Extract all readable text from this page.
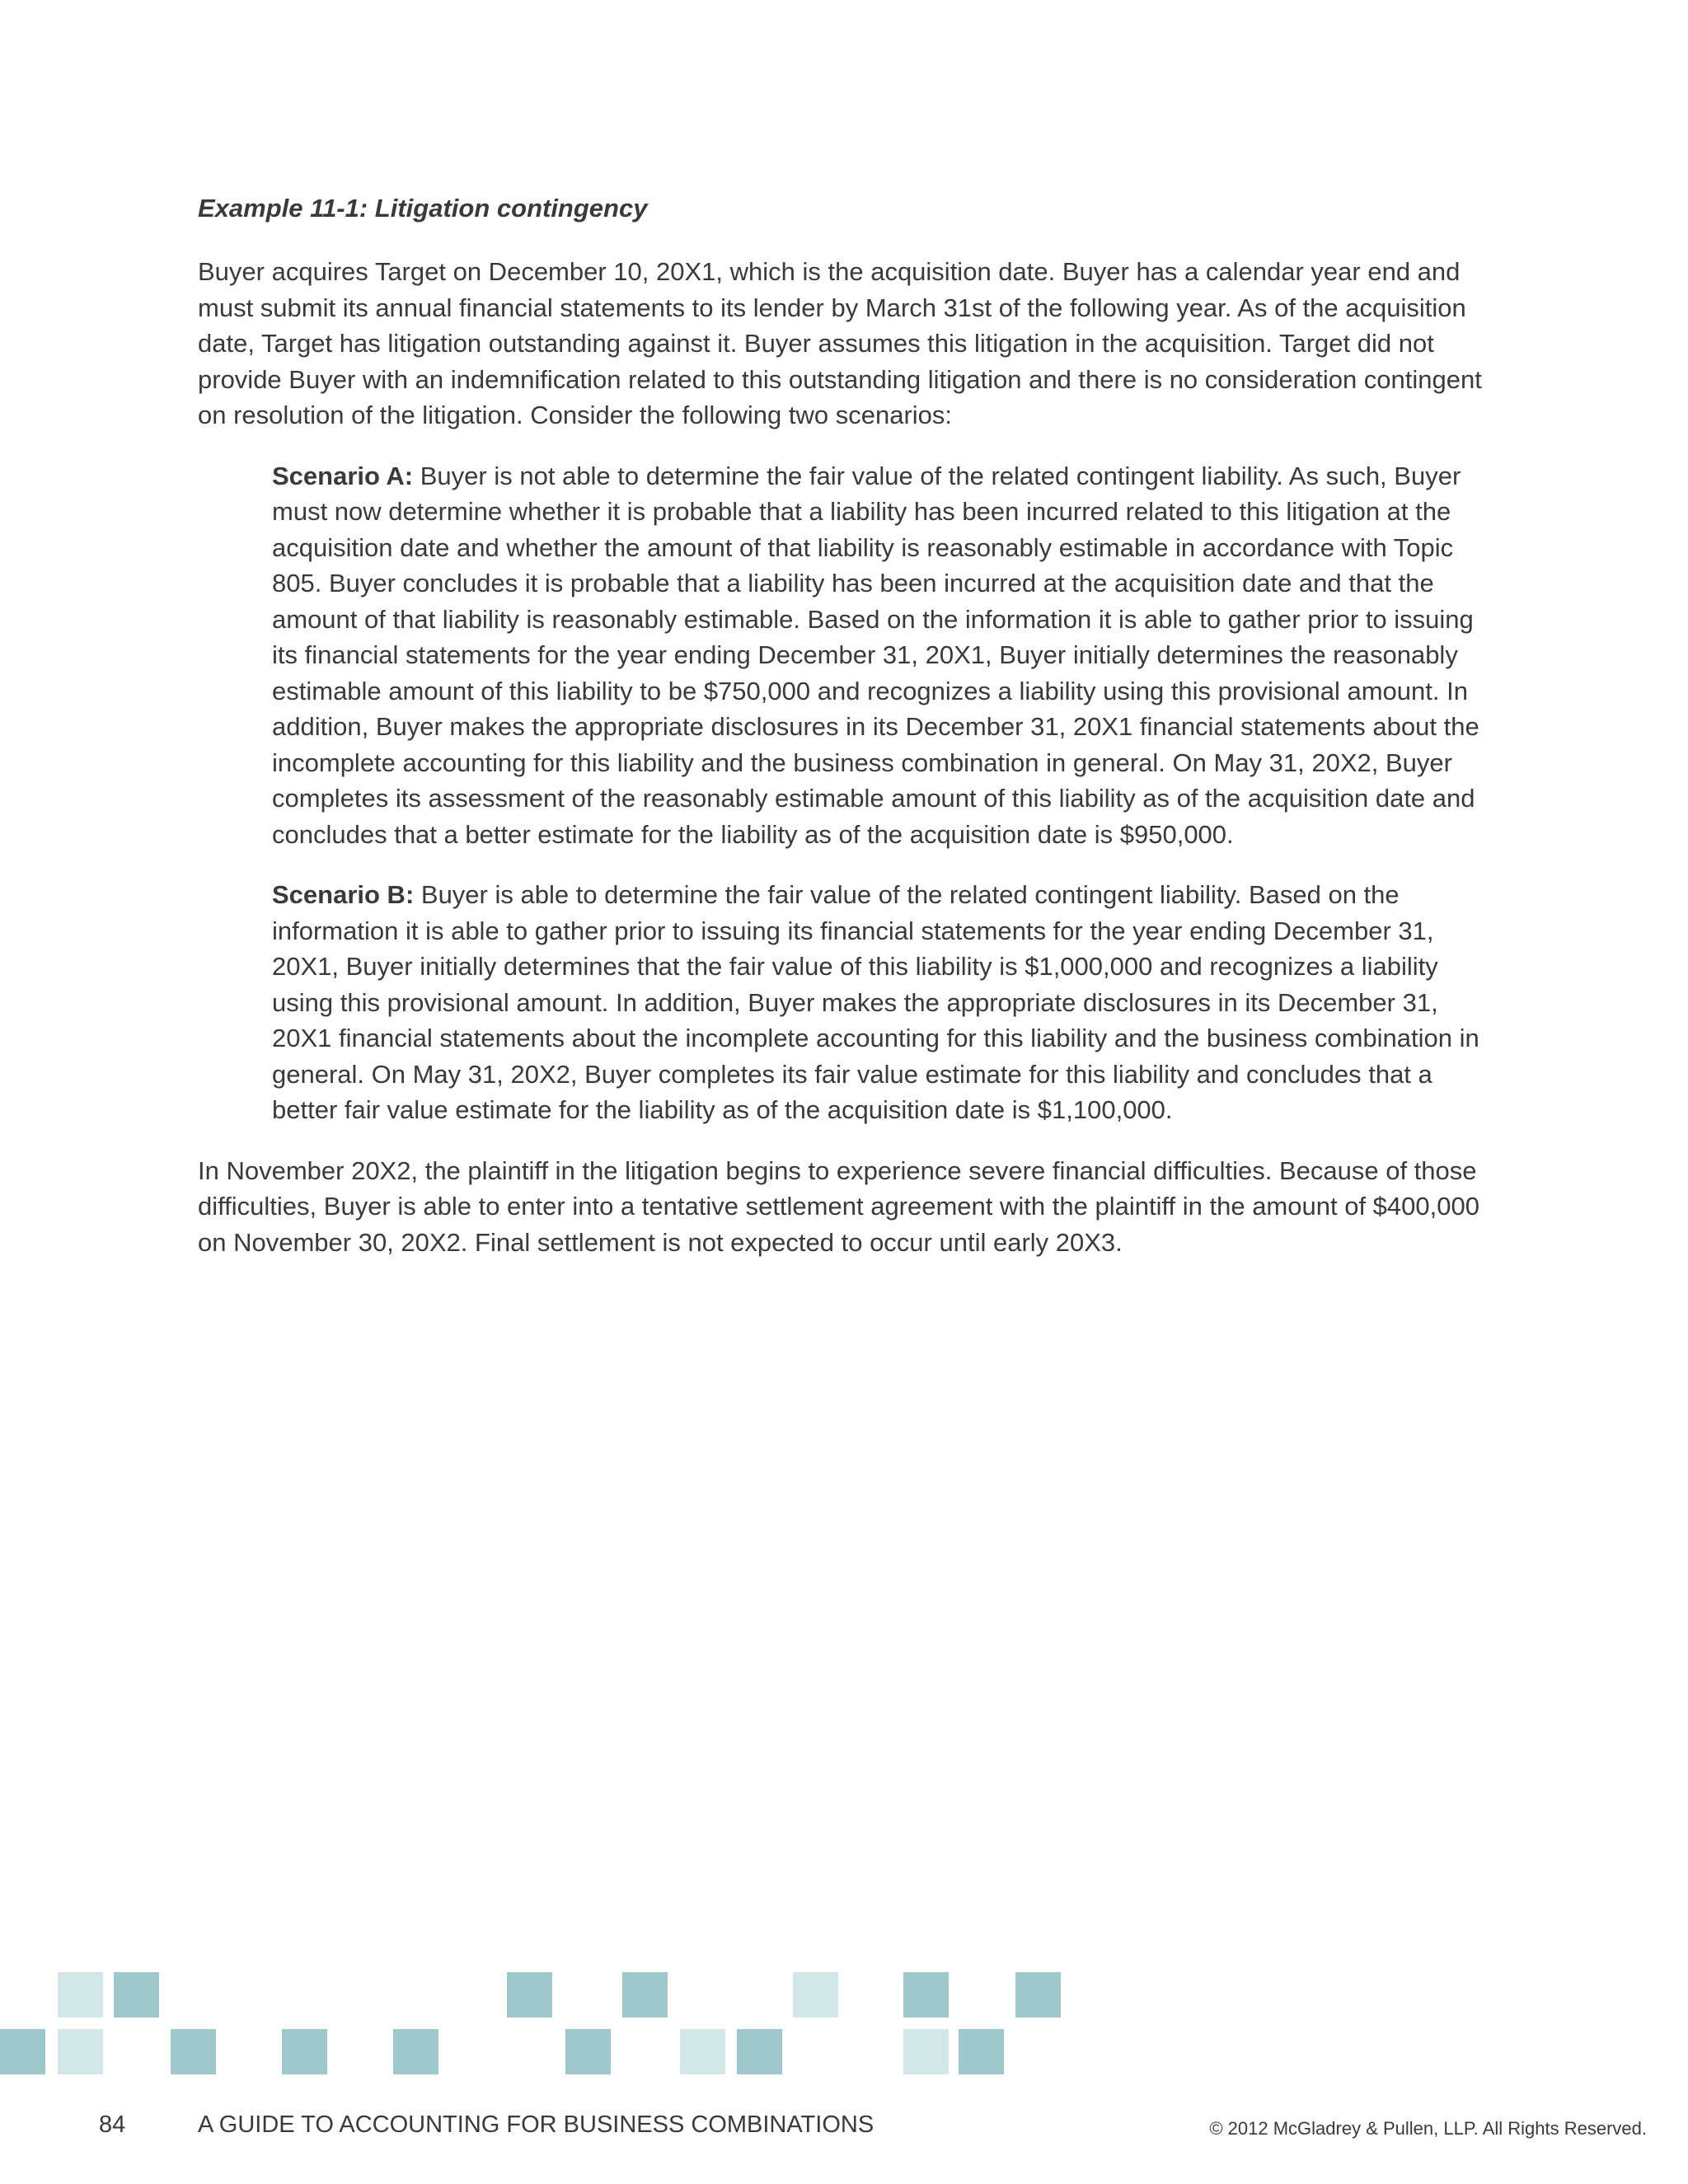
Example 11-1: Litigation contingency

Buyer acquires Target on December 10, 20X1, which is the acquisition date. Buyer has a calendar year end and must submit its annual financial statements to its lender by March 31st of the following year. As of the acquisition date, Target has litigation outstanding against it. Buyer assumes this litigation in the acquisition. Target did not provide Buyer with an indemnification related to this outstanding litigation and there is no consideration contingent on resolution of the litigation. Consider the following two scenarios:

Scenario A: Buyer is not able to determine the fair value of the related contingent liability. As such, Buyer must now determine whether it is probable that a liability has been incurred related to this litigation at the acquisition date and whether the amount of that liability is reasonably estimable in accordance with Topic 805. Buyer concludes it is probable that a liability has been incurred at the acquisition date and that the amount of that liability is reasonably estimable. Based on the information it is able to gather prior to issuing its financial statements for the year ending December 31, 20X1, Buyer initially determines the reasonably estimable amount of this liability to be $750,000 and recognizes a liability using this provisional amount. In addition, Buyer makes the appropriate disclosures in its December 31, 20X1 financial statements about the incomplete accounting for this liability and the business combination in general. On May 31, 20X2, Buyer completes its assessment of the reasonably estimable amount of this liability as of the acquisition date and concludes that a better estimate for the liability as of the acquisition date is $950,000.
Scenario B: Buyer is able to determine the fair value of the related contingent liability. Based on the information it is able to gather prior to issuing its financial statements for the year ending December 31, 20X1, Buyer initially determines that the fair value of this liability is $1,000,000 and recognizes a liability using this provisional amount. In addition, Buyer makes the appropriate disclosures in its December 31, 20X1 financial statements about the incomplete accounting for this liability and the business combination in general. On May 31, 20X2, Buyer completes its fair value estimate for this liability and concludes that a better fair value estimate for the liability as of the acquisition date is $1,100,000.

In November 20X2, the plaintiff in the litigation begins to experience severe financial difficulties. Because of those difficulties, Buyer is able to enter into a tentative settlement agreement with the plaintiff in the amount of $400,000 on November 30, 20X2. Final settlement is not expected to occur until early 20X3.

84	A GUIDE TO ACCOUNTING FOR BUSINESS COMBINATIONS	© 2012 McGladrey & Pullen, LLP. All Rights Reserved.
